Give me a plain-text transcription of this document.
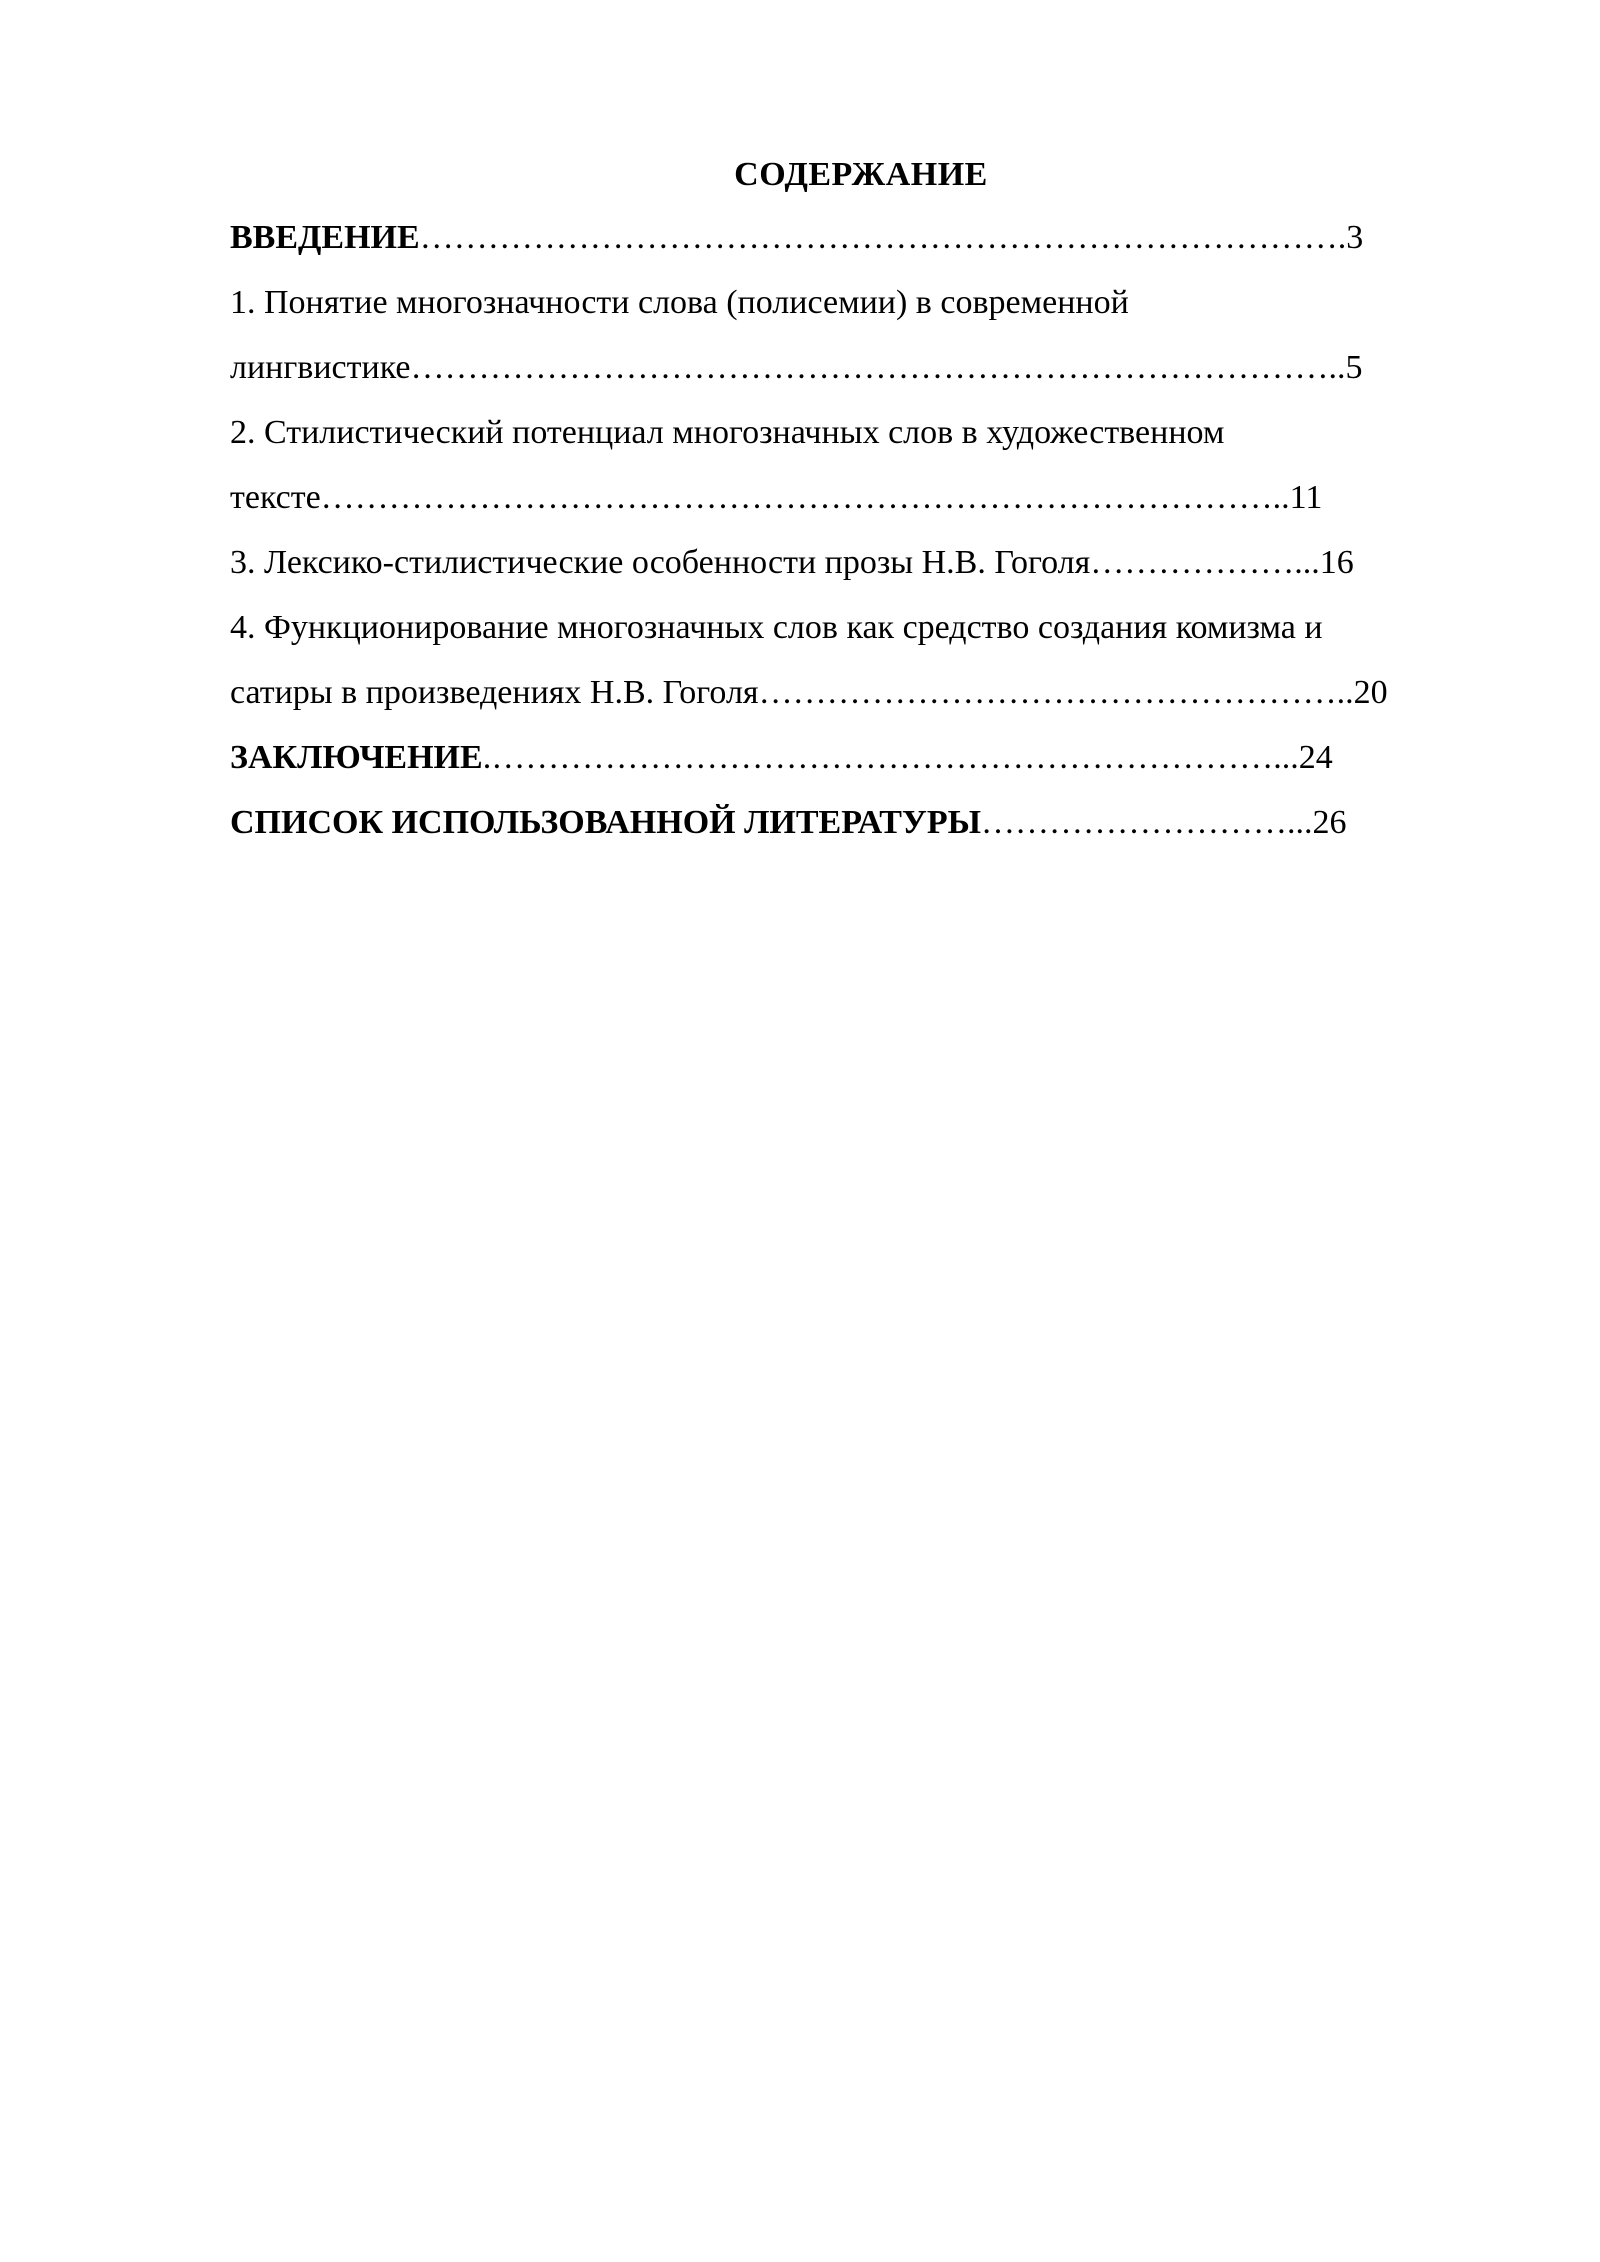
СОДЕРЖАНИЕ
ВВЕДЕНИЕ……………………………………………………………………….3
1. Понятие многозначности слова (полисемии) в современной
лингвистике………………………………………………………………………..5
2. Стилистический потенциал многозначных слов в художественном
тексте…………………………………………………………………………..11
3. Лексико-стилистические особенности прозы Н.В. Гоголя………………...16
4. Функционирование многозначных слов как средство создания комизма и
сатиры в произведениях Н.В. Гоголя……………………………………………..20
ЗАКЛЮЧЕНИЕ.……………………………………………………………...24
СПИСОК ИСПОЛЬЗОВАННОЙ ЛИТЕРАТУРЫ………………………...26
